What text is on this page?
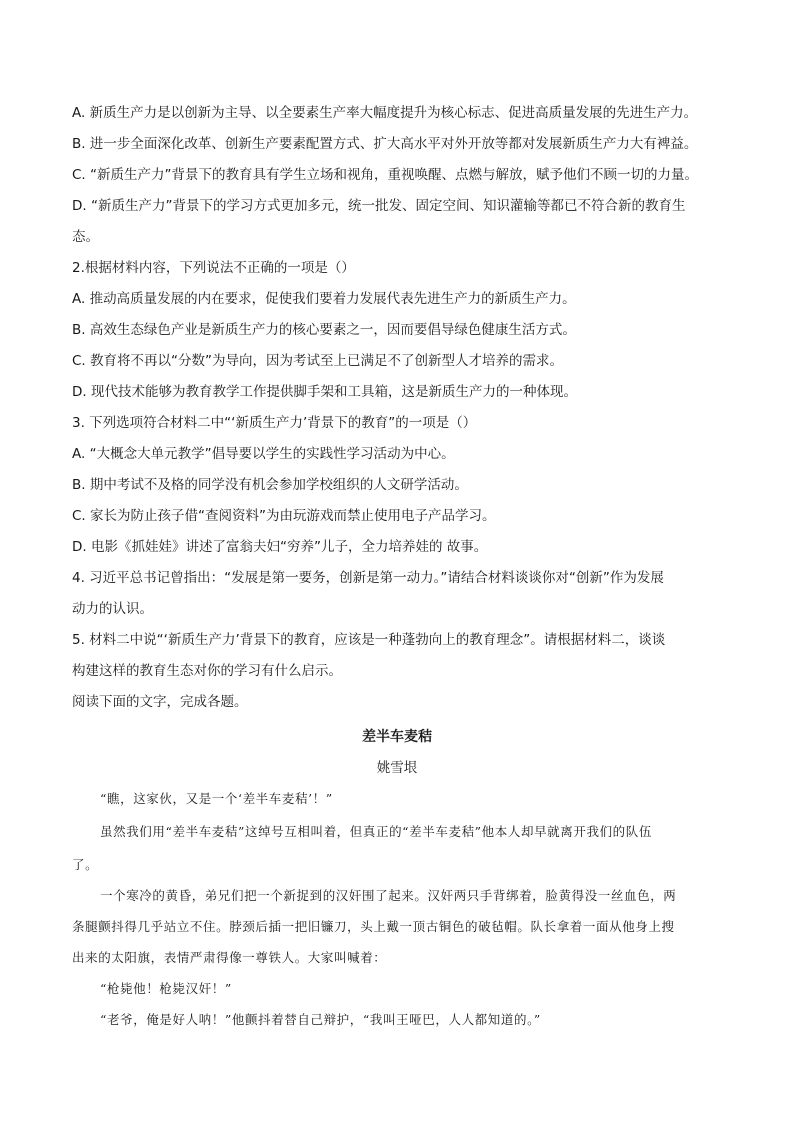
A. 新质生产力是以创新为主导、以全要素生产率大幅度提升为核心标志、促进高质量发展的先进生产力。
B. 进一步全面深化改革、创新生产要素配置方式、扩大高水平对外开放等都对发展新质生产力大有裨益。
C. “新质生产力”背景下的教育具有学生立场和视角，重视唤醒、点燃与解放，赋予他们不顾一切的力量。
D. “新质生产力”背景下的学习方式更加多元，统一批发、固定空间、知识灌输等都已不符合新的教育生
态。
2.根据材料内容，下列说法不正确的一项是（）
A. 推动高质量发展的内在要求，促使我们要着力发展代表先进生产力的新质生产力。
B. 高效生态绿色产业是新质生产力的核心要素之一，因而要倡导绿色健康生活方式。
C. 教育将不再以“分数”为导向，因为考试至上已满足不了创新型人才培养的需求。
D. 现代技术能够为教育教学工作提供脚手架和工具箱，这是新质生产力的一种体现。
3. 下列选项符合材料二中“‘新质生产力’背景下的教育”的一项是（）
A. “大概念大单元教学”倡导要以学生的实践性学习活动为中心。
B. 期中考试不及格的同学没有机会参加学校组织的人文研学活动。
C. 家长为防止孩子借“查阅资料”为由玩游戏而禁止使用电子产品学习。
D. 电影《抓娃娃》讲述了富翁夫妇“穷养”儿子，全力培养娃的 故事。
4. 习近平总书记曾指出：“发展是第一要务，创新是第一动力。”请结合材料谈谈你对“创新”作为发展
动力的认识。
5. 材料二中说“‘新质生产力’背景下的教育，应该是一种蓬勃向上的教育理念”。请根据材料二，谈谈
构建这样的教育生态对你的学习有什么启示。
阅读下面的文字，完成各题。
差半车麦秸
姚雪垠
“瞧，这家伙，又是一个‘差半车麦秸’！”
虽然我们用“差半车麦秸”这绰号互相叫着，但真正的“差半车麦秸”他本人却早就离开我们的队伍
了。
一个寒冷的黄昏，弟兄们把一个新捉到的汉奸围了起来。汉奸两只手背绑着，脸黄得没一丝血色，两
条腿颤抖得几乎站立不住。脖颈后插一把旧镰刀，头上戴一顶古铜色的破毡帽。队长拿着一面从他身上搜
出来的太阳旗，表情严肃得像一尊铁人。大家叫喊着：
“枪毙他！枪毙汉奸！”
“老爷，俺是好人呐！”他颤抖着替自己辩护，“我叫王哑巴，人人都知道的。”
